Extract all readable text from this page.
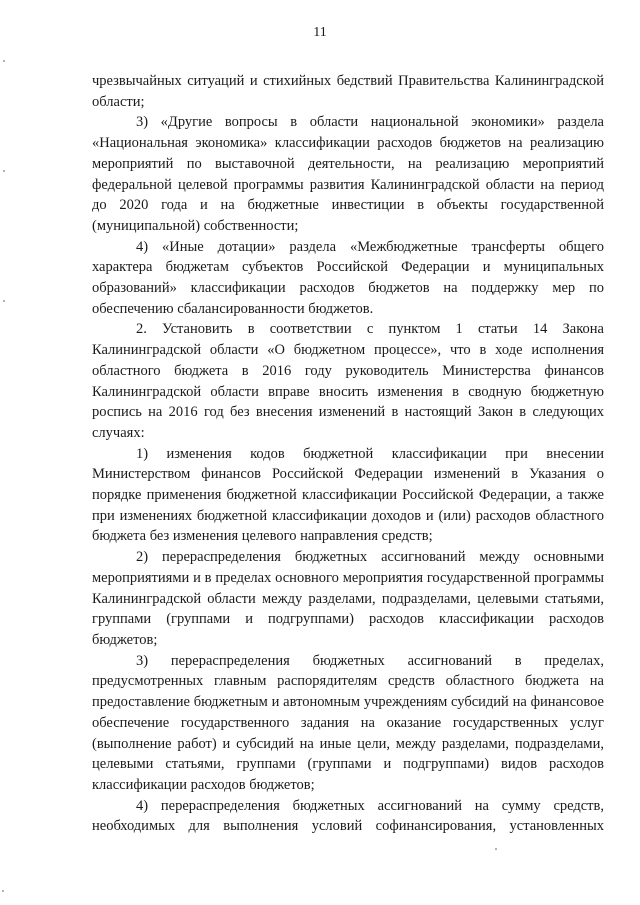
11

чрезвычайных ситуаций и стихийных бедствий Правительства Калининградской области;

3) «Другие вопросы в области национальной экономики» раздела «Национальная экономика» классификации расходов бюджетов на реализацию мероприятий по выставочной деятельности, на реализацию мероприятий федеральной целевой программы развития Калининградской области на период до 2020 года и на бюджетные инвестиции в объекты государственной (муниципальной) собственности;

4) «Иные дотации» раздела «Межбюджетные трансферты общего характера бюджетам субъектов Российской Федерации и муниципальных образований» классификации расходов бюджетов на поддержку мер по обеспечению сбалансированности бюджетов.

2. Установить в соответствии с пунктом 1 статьи 14 Закона Калининградской области «О бюджетном процессе», что в ходе исполнения областного бюджета в 2016 году руководитель Министерства финансов Калининградской области вправе вносить изменения в сводную бюджетную роспись на 2016 год без внесения изменений в настоящий Закон в следующих случаях:

1) изменения кодов бюджетной классификации при внесении Министерством финансов Российской Федерации изменений в Указания о порядке применения бюджетной классификации Российской Федерации, а также при изменениях бюджетной классификации доходов и (или) расходов областного бюджета без изменения целевого направления средств;

2) перераспределения бюджетных ассигнований между основными мероприятиями и в пределах основного мероприятия государственной программы Калининградской области между разделами, подразделами, целевыми статьями, группами (группами и подгруппами) расходов классификации расходов бюджетов;

3) перераспределения бюджетных ассигнований в пределах, предусмотренных главным распорядителям средств областного бюджета на предоставление бюджетным и автономным учреждениям субсидий на финансовое обеспечение государственного задания на оказание государственных услуг (выполнение работ) и субсидий на иные цели, между разделами, подразделами, целевыми статьями, группами (группами и подгруппами) видов расходов классификации расходов бюджетов;

4) перераспределения бюджетных ассигнований на сумму средств, необходимых для выполнения условий софинансирования, установленных
